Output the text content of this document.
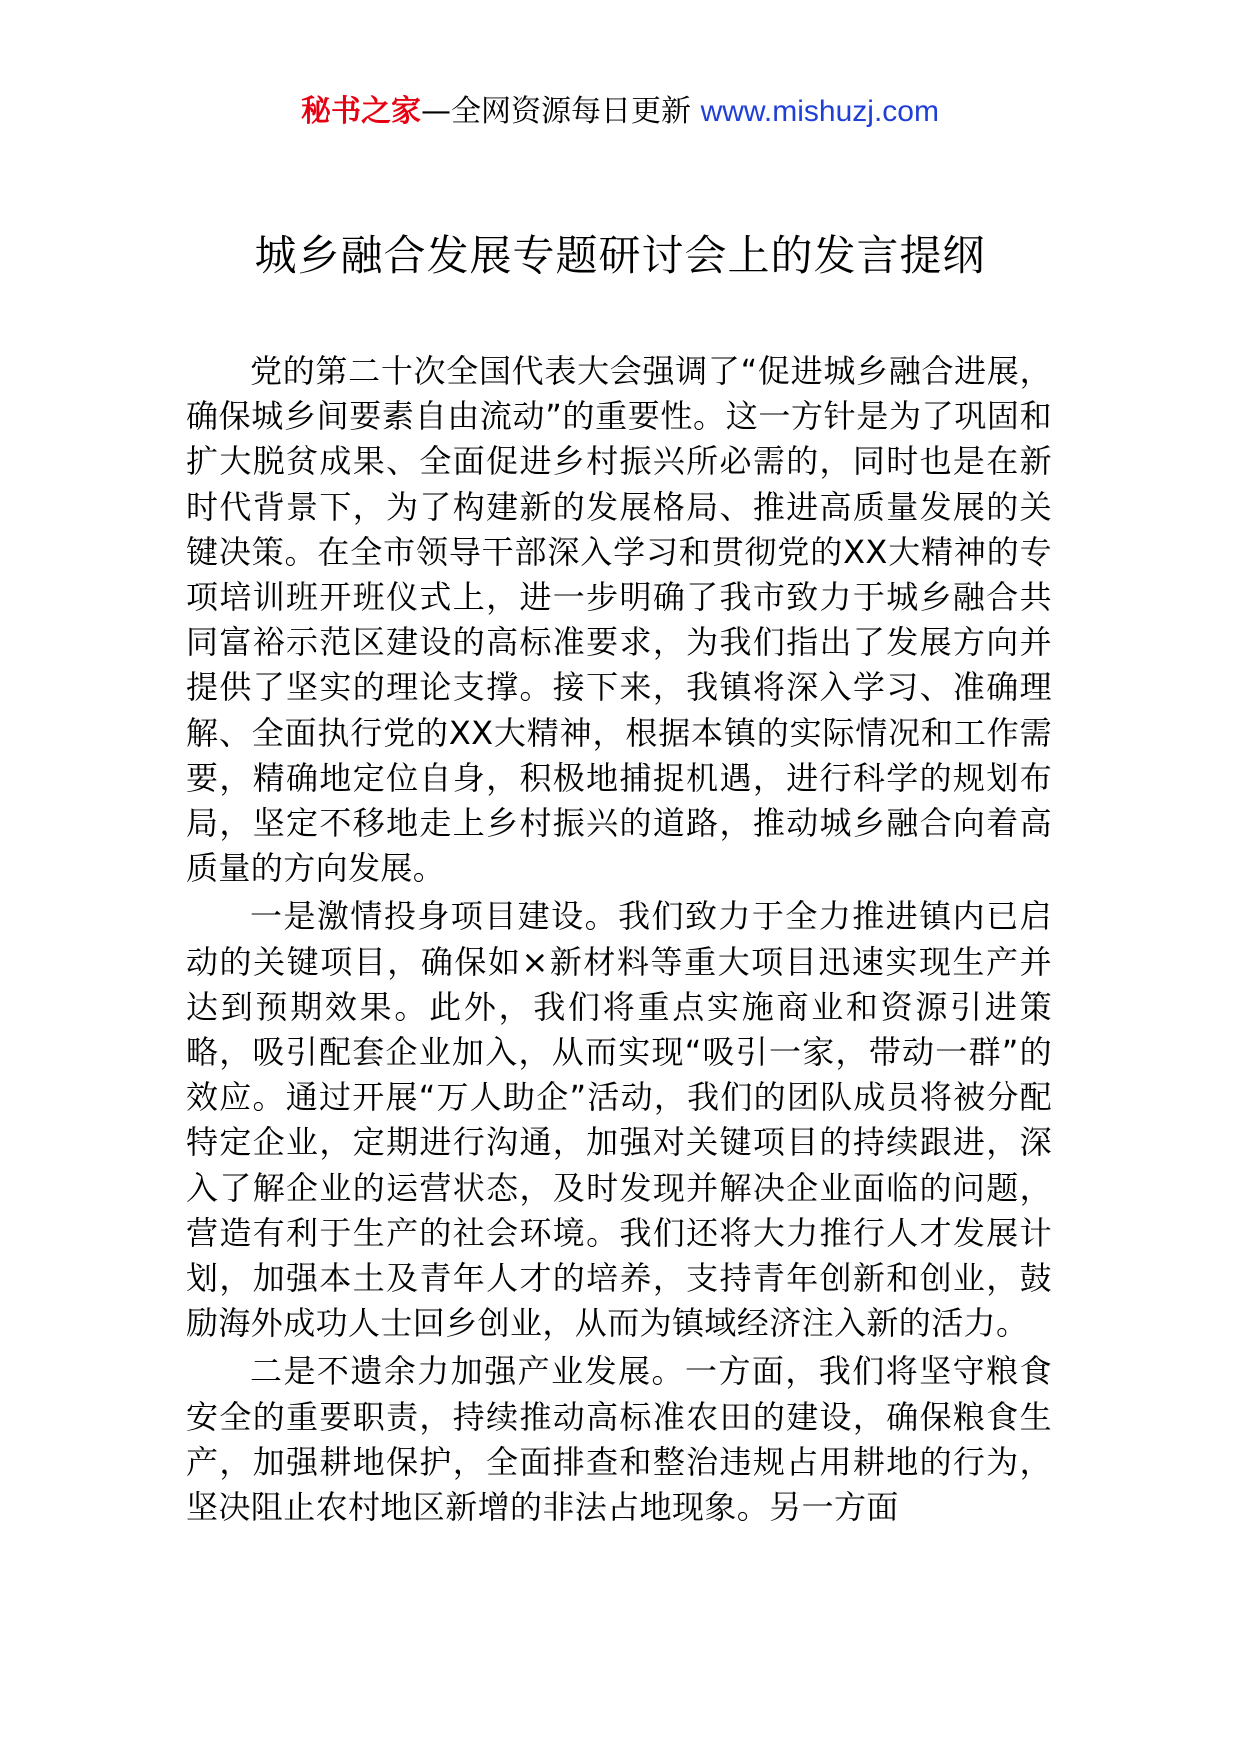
秘书之家—全网资源每日更新 www.mishuzj.com
城乡融合发展专题研讨会上的发言提纲

党的第二十次全国代表大会强调了“促进城乡融合进展，确保城乡间要素自由流动”的重要性。这一方针是为了巩固和扩大脱贫成果、全面促进乡村振兴所必需的，同时也是在新时代背景下，为了构建新的发展格局、推进高质量发展的关键决策。在全市领导干部深入学习和贯彻党的XX大精神的专项培训班开班仪式上，进一步明确了我市致力于城乡融合共同富裕示范区建设的高标准要求，为我们指出了发展方向并提供了坚实的理论支撑。接下来，我镇将深入学习、准确理解、全面执行党的XX大精神，根据本镇的实际情况和工作需要，精确地定位自身，积极地捕捉机遇，进行科学的规划布局，坚定不移地走上乡村振兴的道路，推动城乡融合向着高质量的方向发展。

一是激情投身项目建设。我们致力于全力推进镇内已启动的关键项目，确保如×新材料等重大项目迅速实现生产并达到预期效果。此外，我们将重点实施商业和资源引进策略，吸引配套企业加入，从而实现“吸引一家，带动一群”的效应。通过开展“万人助企”活动，我们的团队成员将被分配特定企业，定期进行沟通，加强对关键项目的持续跟进，深入了解企业的运营状态，及时发现并解决企业面临的问题，营造有利于生产的社会环境。我们还将大力推行人才发展计划，加强本土及青年人才的培养，支持青年创新和创业，鼓励海外成功人士回乡创业，从而为镇域经济注入新的活力。

二是不遗余力加强产业发展。一方面，我们将坚守粮食安全的重要职责，持续推动高标准农田的建设，确保粮食生产，加强耕地保护，全面排查和整治违规占用耕地的行为，坚决阻止农村地区新增的非法占地现象。另一方面
